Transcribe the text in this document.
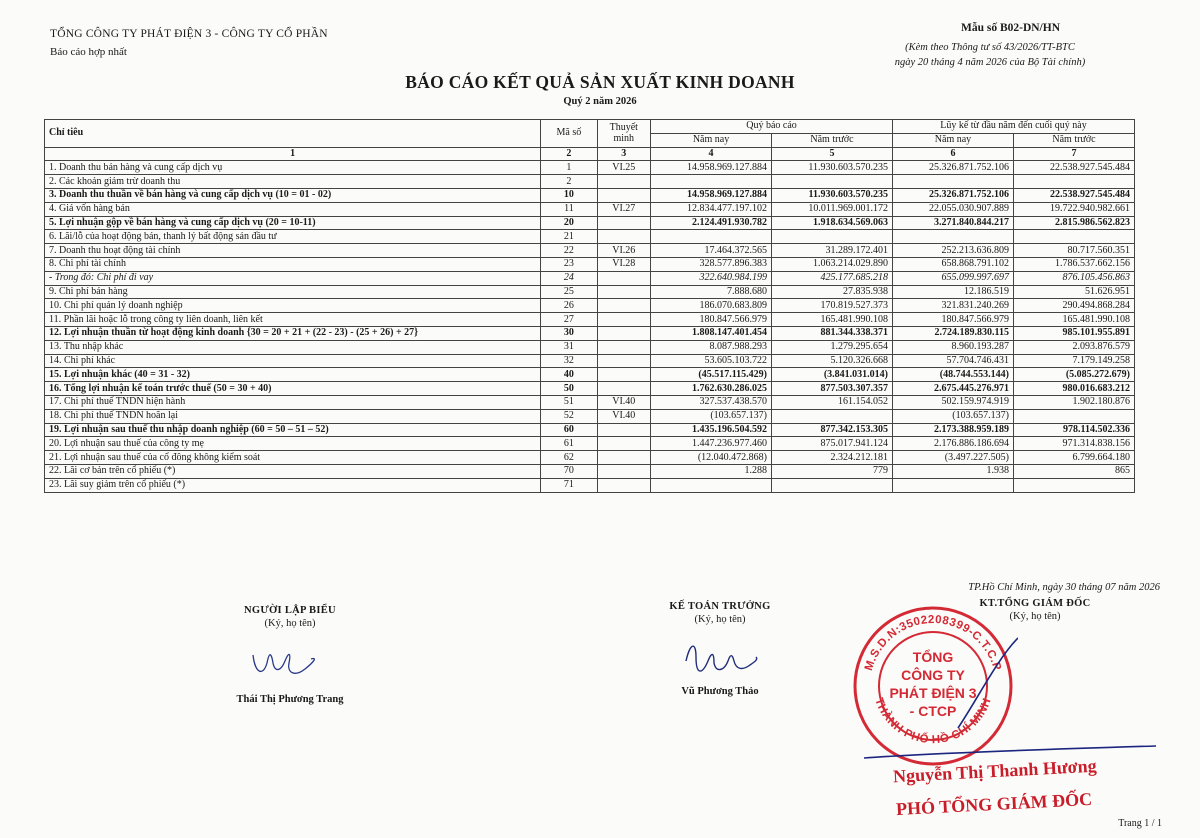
TỔNG CÔNG TY PHÁT ĐIỆN 3 - CÔNG TY CỔ PHẦN
Báo cáo hợp nhất
Mẫu số B02-DN/HN
(Kèm theo Thông tư số 43/2026/TT-BTC
ngày 20 tháng 4 năm 2026 của Bộ Tài chính)
BÁO CÁO KẾT QUẢ SẢN XUẤT KINH DOANH
Quý 2 năm 2026
Chỉ tiêu	Mã số	Thuyết minh	Quý báo cáo		Lũy kế từ đầu năm đến cuối quý này	
			Năm nay	Năm trước	Năm nay	Năm trước
1	2	3	4	5	6	7
1. Doanh thu bán hàng và cung cấp dịch vụ	1	VI.25	14.958.969.127.884	11.930.603.570.235	25.326.871.752.106	22.538.927.545.484
2. Các khoản giảm trừ doanh thu	2					
3. Doanh thu thuần về bán hàng và cung cấp dịch vụ (10 = 01 - 02)	10		14.958.969.127.884	11.930.603.570.235	25.326.871.752.106	22.538.927.545.484
4. Giá vốn hàng bán	11	VI.27	12.834.477.197.102	10.011.969.001.172	22.055.030.907.889	19.722.940.982.661
5. Lợi nhuận gộp về bán hàng và cung cấp dịch vụ (20 = 10-11)	20		2.124.491.930.782	1.918.634.569.063	3.271.840.844.217	2.815.986.562.823
6. Lãi/lỗ của hoạt động bán, thanh lý bất động sản đầu tư	21					
7. Doanh thu hoạt động tài chính	22	VI.26	17.464.372.565	31.289.172.401	252.213.636.809	80.717.560.351
8. Chi phí tài chính	23	VI.28	328.577.896.383	1.063.214.029.890	658.868.791.102	1.786.537.662.156
- Trong đó: Chi phí đi vay	24		322.640.984.199	425.177.685.218	655.099.997.697	876.105.456.863
9. Chi phí bán hàng	25		7.888.680	27.835.938	12.186.519	51.626.951
10. Chi phí quản lý doanh nghiệp	26		186.070.683.809	170.819.527.373	321.831.240.269	290.494.868.284
11. Phần lãi hoặc lỗ trong công ty liên doanh, liên kết	27		180.847.566.979	165.481.990.108	180.847.566.979	165.481.990.108
12. Lợi nhuận thuần từ hoạt động kinh doanh {30 = 20 + 21 + (22 - 23) - (25 + 26) + 27}	30		1.808.147.401.454	881.344.338.371	2.724.189.830.115	985.101.955.891
13. Thu nhập khác	31		8.087.988.293	1.279.295.654	8.960.193.287	2.093.876.579
14. Chi phí khác	32		53.605.103.722	5.120.326.668	57.704.746.431	7.179.149.258
15. Lợi nhuận khác (40 = 31 - 32)	40		(45.517.115.429)	(3.841.031.014)	(48.744.553.144)	(5.085.272.679)
16. Tổng lợi nhuận kế toán trước thuế (50 = 30 + 40)	50		1.762.630.286.025	877.503.307.357	2.675.445.276.971	980.016.683.212
17. Chi phí thuế TNDN hiện hành	51	VI.40	327.537.438.570	161.154.052	502.159.974.919	1.902.180.876
18. Chi phí thuế TNDN hoãn lại	52	VI.40	(103.657.137)		(103.657.137)	
19. Lợi nhuận sau thuế thu nhập doanh nghiệp (60 = 50 – 51 – 52)	60		1.435.196.504.592	877.342.153.305	2.173.388.959.189	978.114.502.336
20. Lợi nhuận sau thuế của công ty mẹ	61		1.447.236.977.460	875.017.941.124	2.176.886.186.694	971.314.838.156
21. Lợi nhuận sau thuế của cổ đông không kiểm soát	62		(12.040.472.868)	2.324.212.181	(3.497.227.505)	6.799.664.180
22. Lãi cơ bản trên cổ phiếu (*)	70		1.288	779	1.938	865
23. Lãi suy giảm trên cổ phiếu (*)	71					
TP.Hồ Chí Minh, ngày 30 tháng 07 năm 2026
NGƯỜI LẬP BIỂU
(Ký, họ tên)
Thái Thị Phương Trang
KẾ TOÁN TRƯỞNG
(Ký, họ tên)
Vũ Phương Thảo
KT.TỔNG GIÁM ĐỐC
(Ký, họ tên)
M.S.D.N:3502208399-C.T.C.P
THÀNH PHỐ HỒ CHÍ MINH
TỔNG
CÔNG TY
PHÁT ĐIỆN 3
- CTCP
Nguyễn Thị Thanh Hương
PHÓ TỔNG GIÁM ĐỐC
Trang 1 / 1
